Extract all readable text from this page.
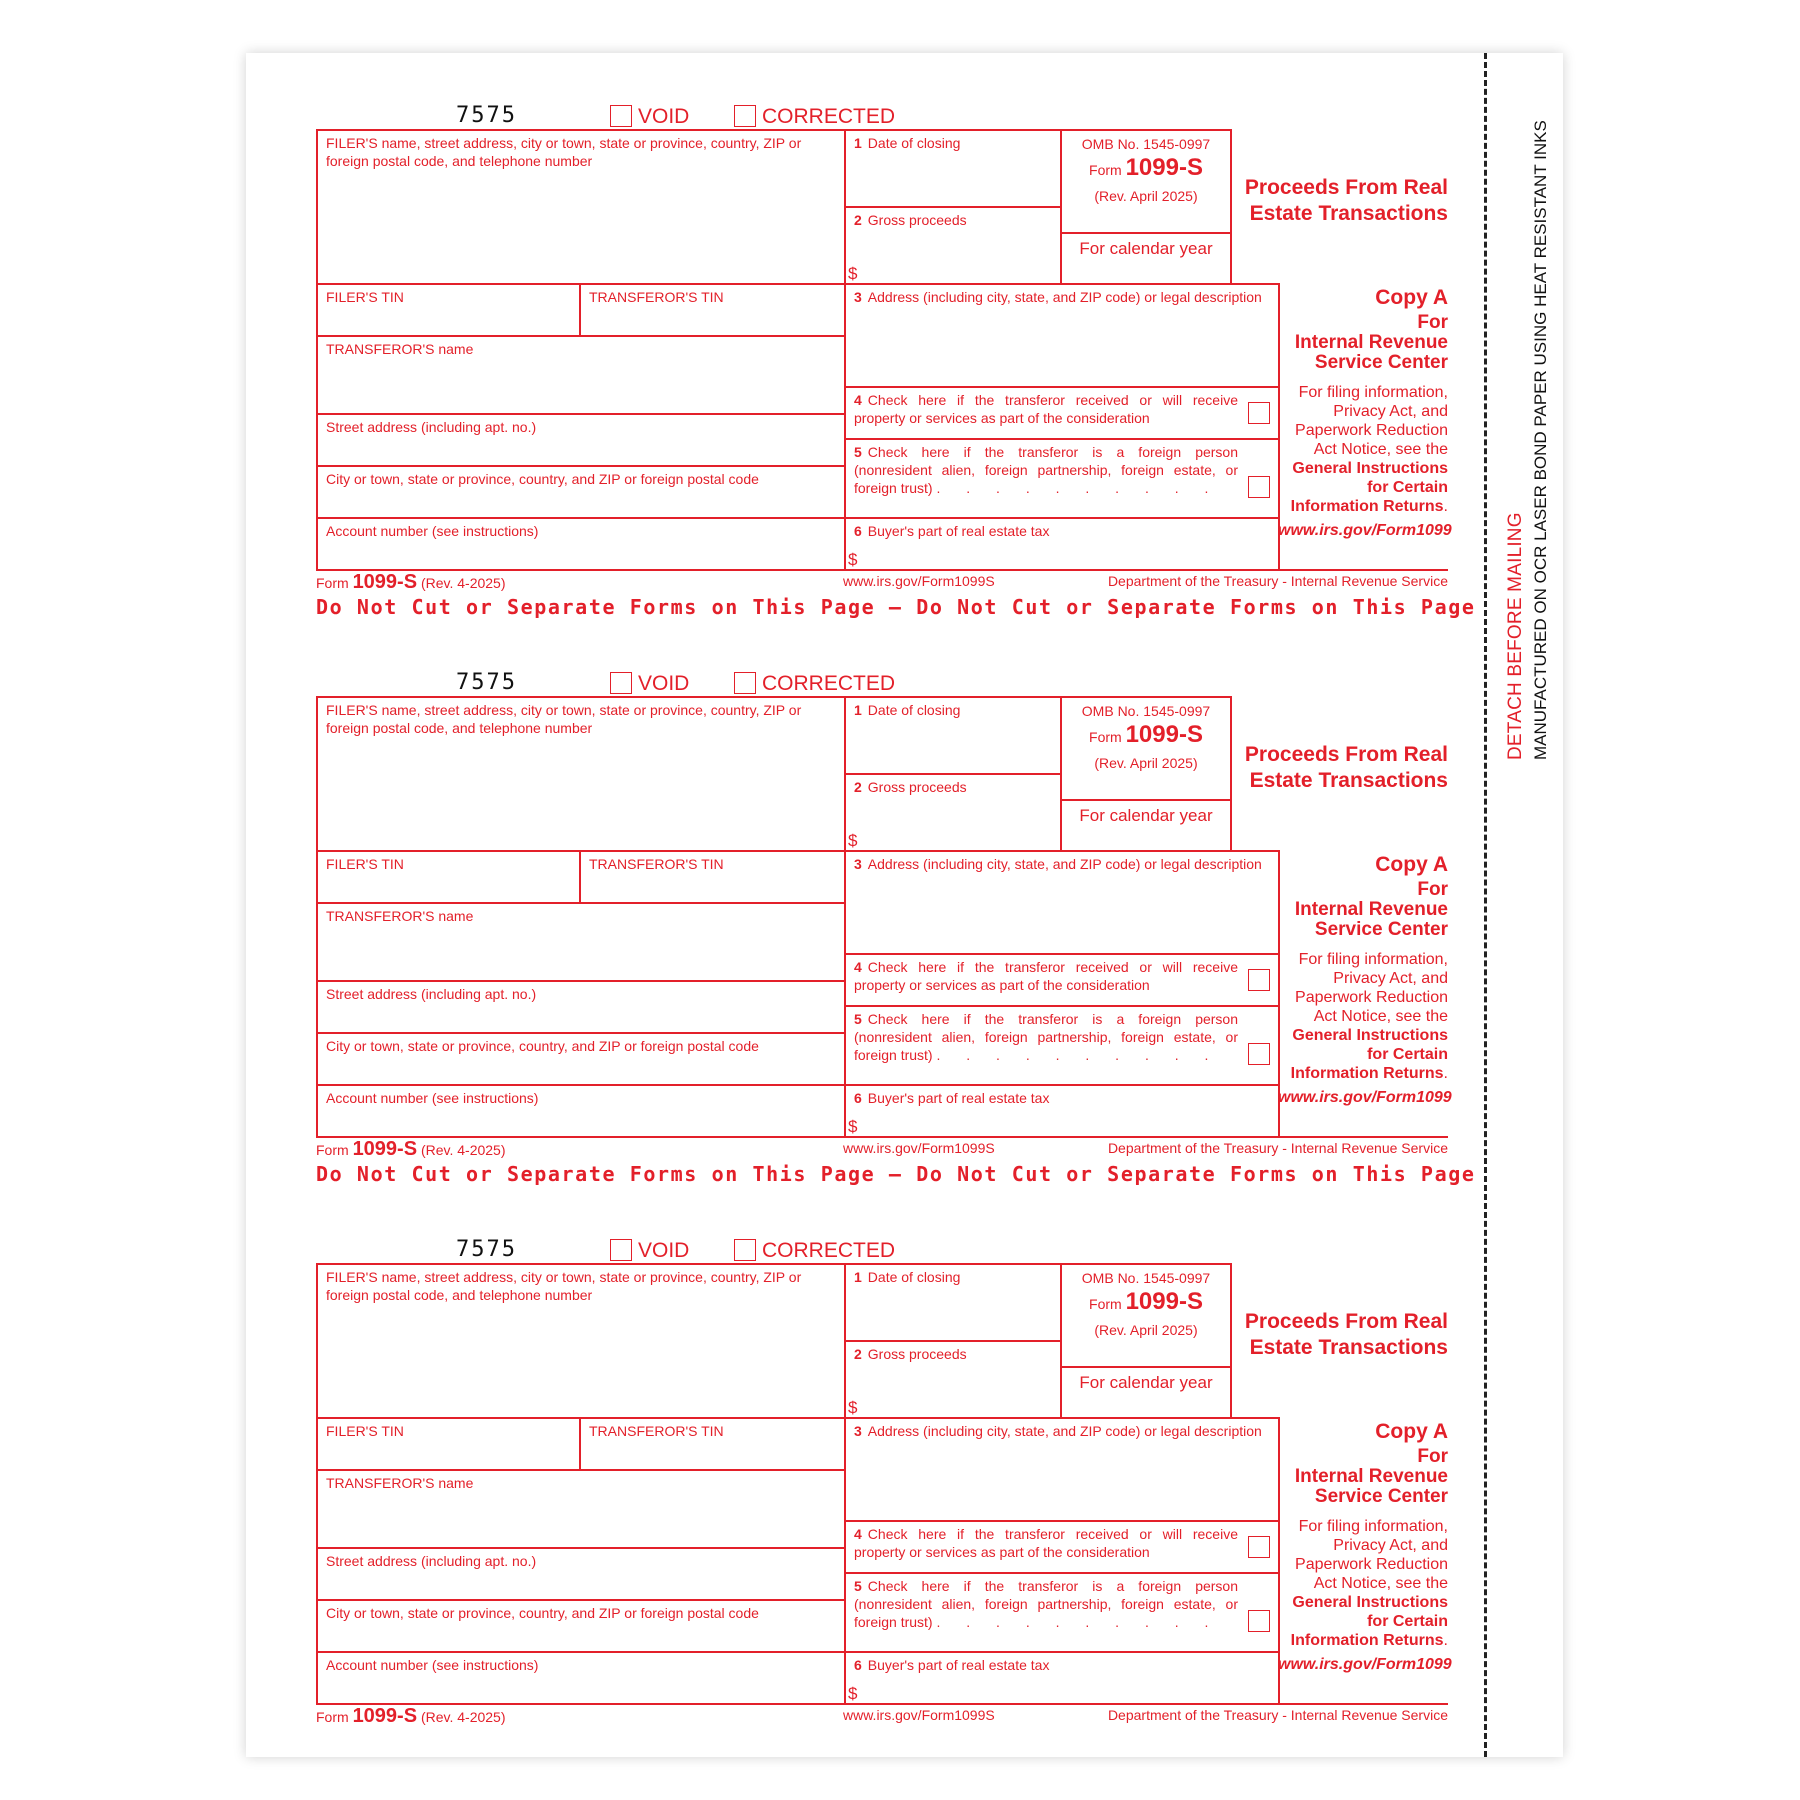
DETACH BEFORE MAILING MANUFACTURED ON OCR LASER BOND PAPER USING HEAT RESISTANT INKS
7575	VOID	CORRECTED
FILER'S name, street address, city or town, state or province, country, ZIP or foreign postal code, and telephone number
1 Date of closing
2 Gross proceeds
$
OMB No. 1545-0997
Form 1099-S
(Rev. April 2025)
For calendar year
Proceeds From Real Estate Transactions
FILER'S TIN	TRANSFEROR'S TIN
TRANSFEROR'S name
Street address (including apt. no.)
City or town, state or province, country, and ZIP or foreign postal code
Account number (see instructions)
3 Address (including city, state, and ZIP code) or legal description
4 Check here if the transferor received or will receive property or services as part of the consideration
5 Check here if the transferor is a foreign person (nonresident alien, foreign partnership, foreign estate, or foreign trust) . . . . . . . . . .
6 Buyer's part of real estate tax
$
Copy A
For
Internal Revenue Service Center
For filing information, Privacy Act, and Paperwork Reduction Act Notice, see the General Instructions for Certain Information Returns.
www.irs.gov/Form1099
Form 1099-S (Rev. 4-2025)	www.irs.gov/Form1099S	Department of the Treasury - Internal Revenue Service
Do Not Cut or Separate Forms on This Page — Do Not Cut or Separate Forms on This Page
7575	VOID	CORRECTED
FILER'S name, street address, city or town, state or province, country, ZIP or foreign postal code, and telephone number
1 Date of closing
2 Gross proceeds
$
OMB No. 1545-0997
Form 1099-S
(Rev. April 2025)
For calendar year
Proceeds From Real Estate Transactions
FILER'S TIN	TRANSFEROR'S TIN
TRANSFEROR'S name
Street address (including apt. no.)
City or town, state or province, country, and ZIP or foreign postal code
Account number (see instructions)
3 Address (including city, state, and ZIP code) or legal description
4 Check here if the transferor received or will receive property or services as part of the consideration
5 Check here if the transferor is a foreign person (nonresident alien, foreign partnership, foreign estate, or foreign trust) . . . . . . . . . .
6 Buyer's part of real estate tax
$
Copy A
For
Internal Revenue Service Center
For filing information, Privacy Act, and Paperwork Reduction Act Notice, see the General Instructions for Certain Information Returns.
www.irs.gov/Form1099
Form 1099-S (Rev. 4-2025)	www.irs.gov/Form1099S	Department of the Treasury - Internal Revenue Service
Do Not Cut or Separate Forms on This Page — Do Not Cut or Separate Forms on This Page
7575	VOID	CORRECTED
FILER'S name, street address, city or town, state or province, country, ZIP or foreign postal code, and telephone number
1 Date of closing
2 Gross proceeds
$
OMB No. 1545-0997
Form 1099-S
(Rev. April 2025)
For calendar year
Proceeds From Real Estate Transactions
FILER'S TIN	TRANSFEROR'S TIN
TRANSFEROR'S name
Street address (including apt. no.)
City or town, state or province, country, and ZIP or foreign postal code
Account number (see instructions)
3 Address (including city, state, and ZIP code) or legal description
4 Check here if the transferor received or will receive property or services as part of the consideration
5 Check here if the transferor is a foreign person (nonresident alien, foreign partnership, foreign estate, or foreign trust) . . . . . . . . . .
6 Buyer's part of real estate tax
$
Copy A
For
Internal Revenue Service Center
For filing information, Privacy Act, and Paperwork Reduction Act Notice, see the General Instructions for Certain Information Returns.
www.irs.gov/Form1099
Form 1099-S (Rev. 4-2025)	www.irs.gov/Form1099S	Department of the Treasury - Internal Revenue Service
